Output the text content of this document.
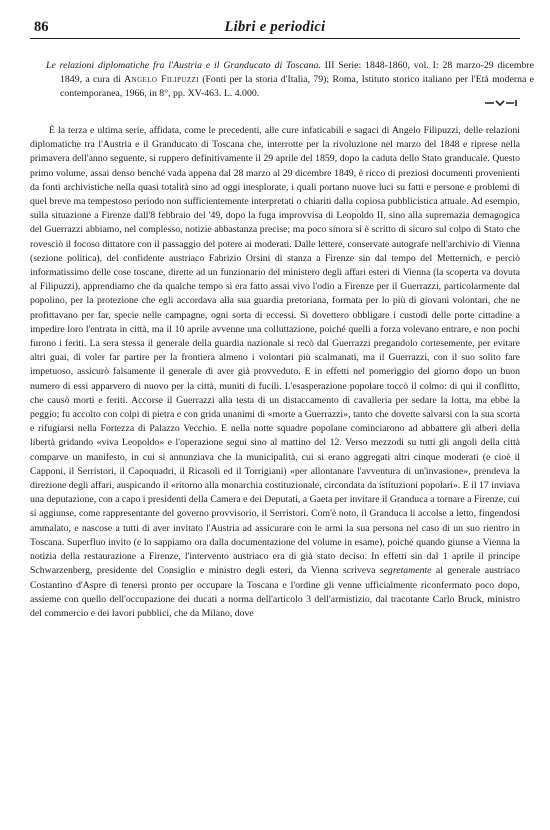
86	Libri e periodici
Le relazioni diplomatiche fra l'Austria e il Granducato di Toscana. III Serie: 1848-1860, vol. I: 28 marzo-29 dicembre 1849, a cura di Angelo Filipuzzi (Fonti per la storia d'Italia, 79); Roma, Istituto storico italiano per l'Età moderna e contemporanea, 1966, in 8°, pp. XV-463. L. 4.000.

È la terza e ultima serie, affidata, come le precedenti, alle cure infaticabili e sagaci di Angelo Filipuzzi, delle relazioni diplomatiche tra l'Austria e il Granducato di Toscana che, interrotte per la rivoluzione nel marzo del 1848 e riprese nella primavera dell'anno seguente, si ruppero definitivamente il 29 aprile del 1859, dopo la caduta dello Stato granducale. Questo primo volume, assai denso benché vada appena dal 28 marzo al 29 dicembre 1849, è ricco di preziosi documenti provenienti da fonti archivistiche nella quasi totalità sino ad oggi inesplorate, i quali portano nuove luci su fatti e persone e problemi di quel breve ma tempestoso periodo non sufficientemente interpretati o chiariti dalla copiosa pubblicistica attuale. Ad esempio, sulla situazione a Firenze dall'8 febbraio del '49, dopo la fuga improvvisa di Leopoldo II, sino alla supremazia demagogica del Guerrazzi abbiamo, nel complesso, notizie abbastanza precise; ma poco sinora si è scritto di sicuro sul colpo di Stato che rovesciò il focoso dittatore con il passaggio del potere ai moderati. Dalle lettere, conservate autografe nell'archivio di Vienna (sezione politica), del confidente austriaco Fabrizio Orsini di stanza a Firenze sin dal tempo del Metternich, e perciò informatissimo delle cose toscane, dirette ad un funzionario del ministero degli affari esteri di Vienna (la scoperta va dovuta al Filipuzzi), apprendiamo che da qualche tempo si era fatto assai vivo l'odio a Firenze per il Guerrazzi, particolarmente dal popolino, per la protezione che egli accordava alla sua guardia pretoriana, formata per lo più di giovani volontari, che ne profittavano per far, specie nelle campagne, ogni sorta di eccessi. Si dovettero obbligare i custodi delle porte cittadine a impedire loro l'entrata in città, ma il 10 aprile avvenne una colluttazione, poiché quelli a forza volevano entrare, e non pochi furono i feriti. La sera stessa il generale della guardia nazionale si recò dal Guerrazzi pregandolo cortesemente, per evitare altri guai, di voler far partire per la frontiera almeno i volontari più scalmanati, ma il Guerrazzi, con il suo solito fare impetuoso, assicurò falsamente il generale di aver già provveduto. E in effetti nel pomeriggio del giorno dopo un buon numero di essi apparvero di nuovo per la città, muniti di fucili. L'esasperazione popolare toccò il colmo: di qui il conflitto, che causò morti e feriti. Accorse il Guerrazzi alla testa di un distaccamento di cavalleria per sedare la lotta, ma ebbe la peggio; fu accolto con colpi di pietra e con grida unanimi di «morte a Guerrazzi», tanto che dovette salvarsi con la sua scorta e rifugiarsi nella Fortezza di Palazzo Vecchio. E nella notte squadre popolane cominciarono ad abbattere gli alberi della libertà gridando «viva Leopoldo» e l'operazione seguì sino al mattino del 12. Verso mezzodì su tutti gli angoli della città comparve un manifesto, in cui si annunziava che la municipalità, cui si erano aggregati altri cinque moderati (e cioè il Capponi, il Serristori, il Capoquadri, il Ricasoli ed il Torrigiani) «per allontanare l'avventura di un'invasione», prendeva la direzione degli affari, auspicando il «ritorno alla monarchia costituzionale, circondata da istituzioni popolari». E il 17 inviava una deputazione, con a capo i presidenti della Camera e dei Deputati, a Gaeta per invitare il Granduca a tornare a Firenze, cui si aggiunse, come rappresentante del governo provvisorio, il Serristori. Com'è noto, il Granduca li accolse a letto, fingendosi ammalato, e nascose a tutti di aver invitato l'Austria ad assicurare con le armi la sua persona nel caso di un suo rientro in Toscana. Superfluo invito (e lo sappiamo ora dalla documentazione del volume in esame), poiché quando giunse a Vienna la notizia della restaurazione a Firenze, l'intervento austriaco era di già stato deciso. In effetti sin dal 1 aprile il principe Schwarzenberg, presidente del Consiglio e ministro degli esteri, da Vienna scriveva segretamente al generale austriaco Costantino d'Aspre di tenersi pronto per occupare la Toscana e l'ordine gli venne ufficialmente riconfermato poco dopo, assieme con quello dell'occupazione dei ducati a norma dell'articolo 3 dell'armistizio, dal tracotante Carlo Bruck, ministro del commercio e dei lavori pubblici, che da Milano, dove
